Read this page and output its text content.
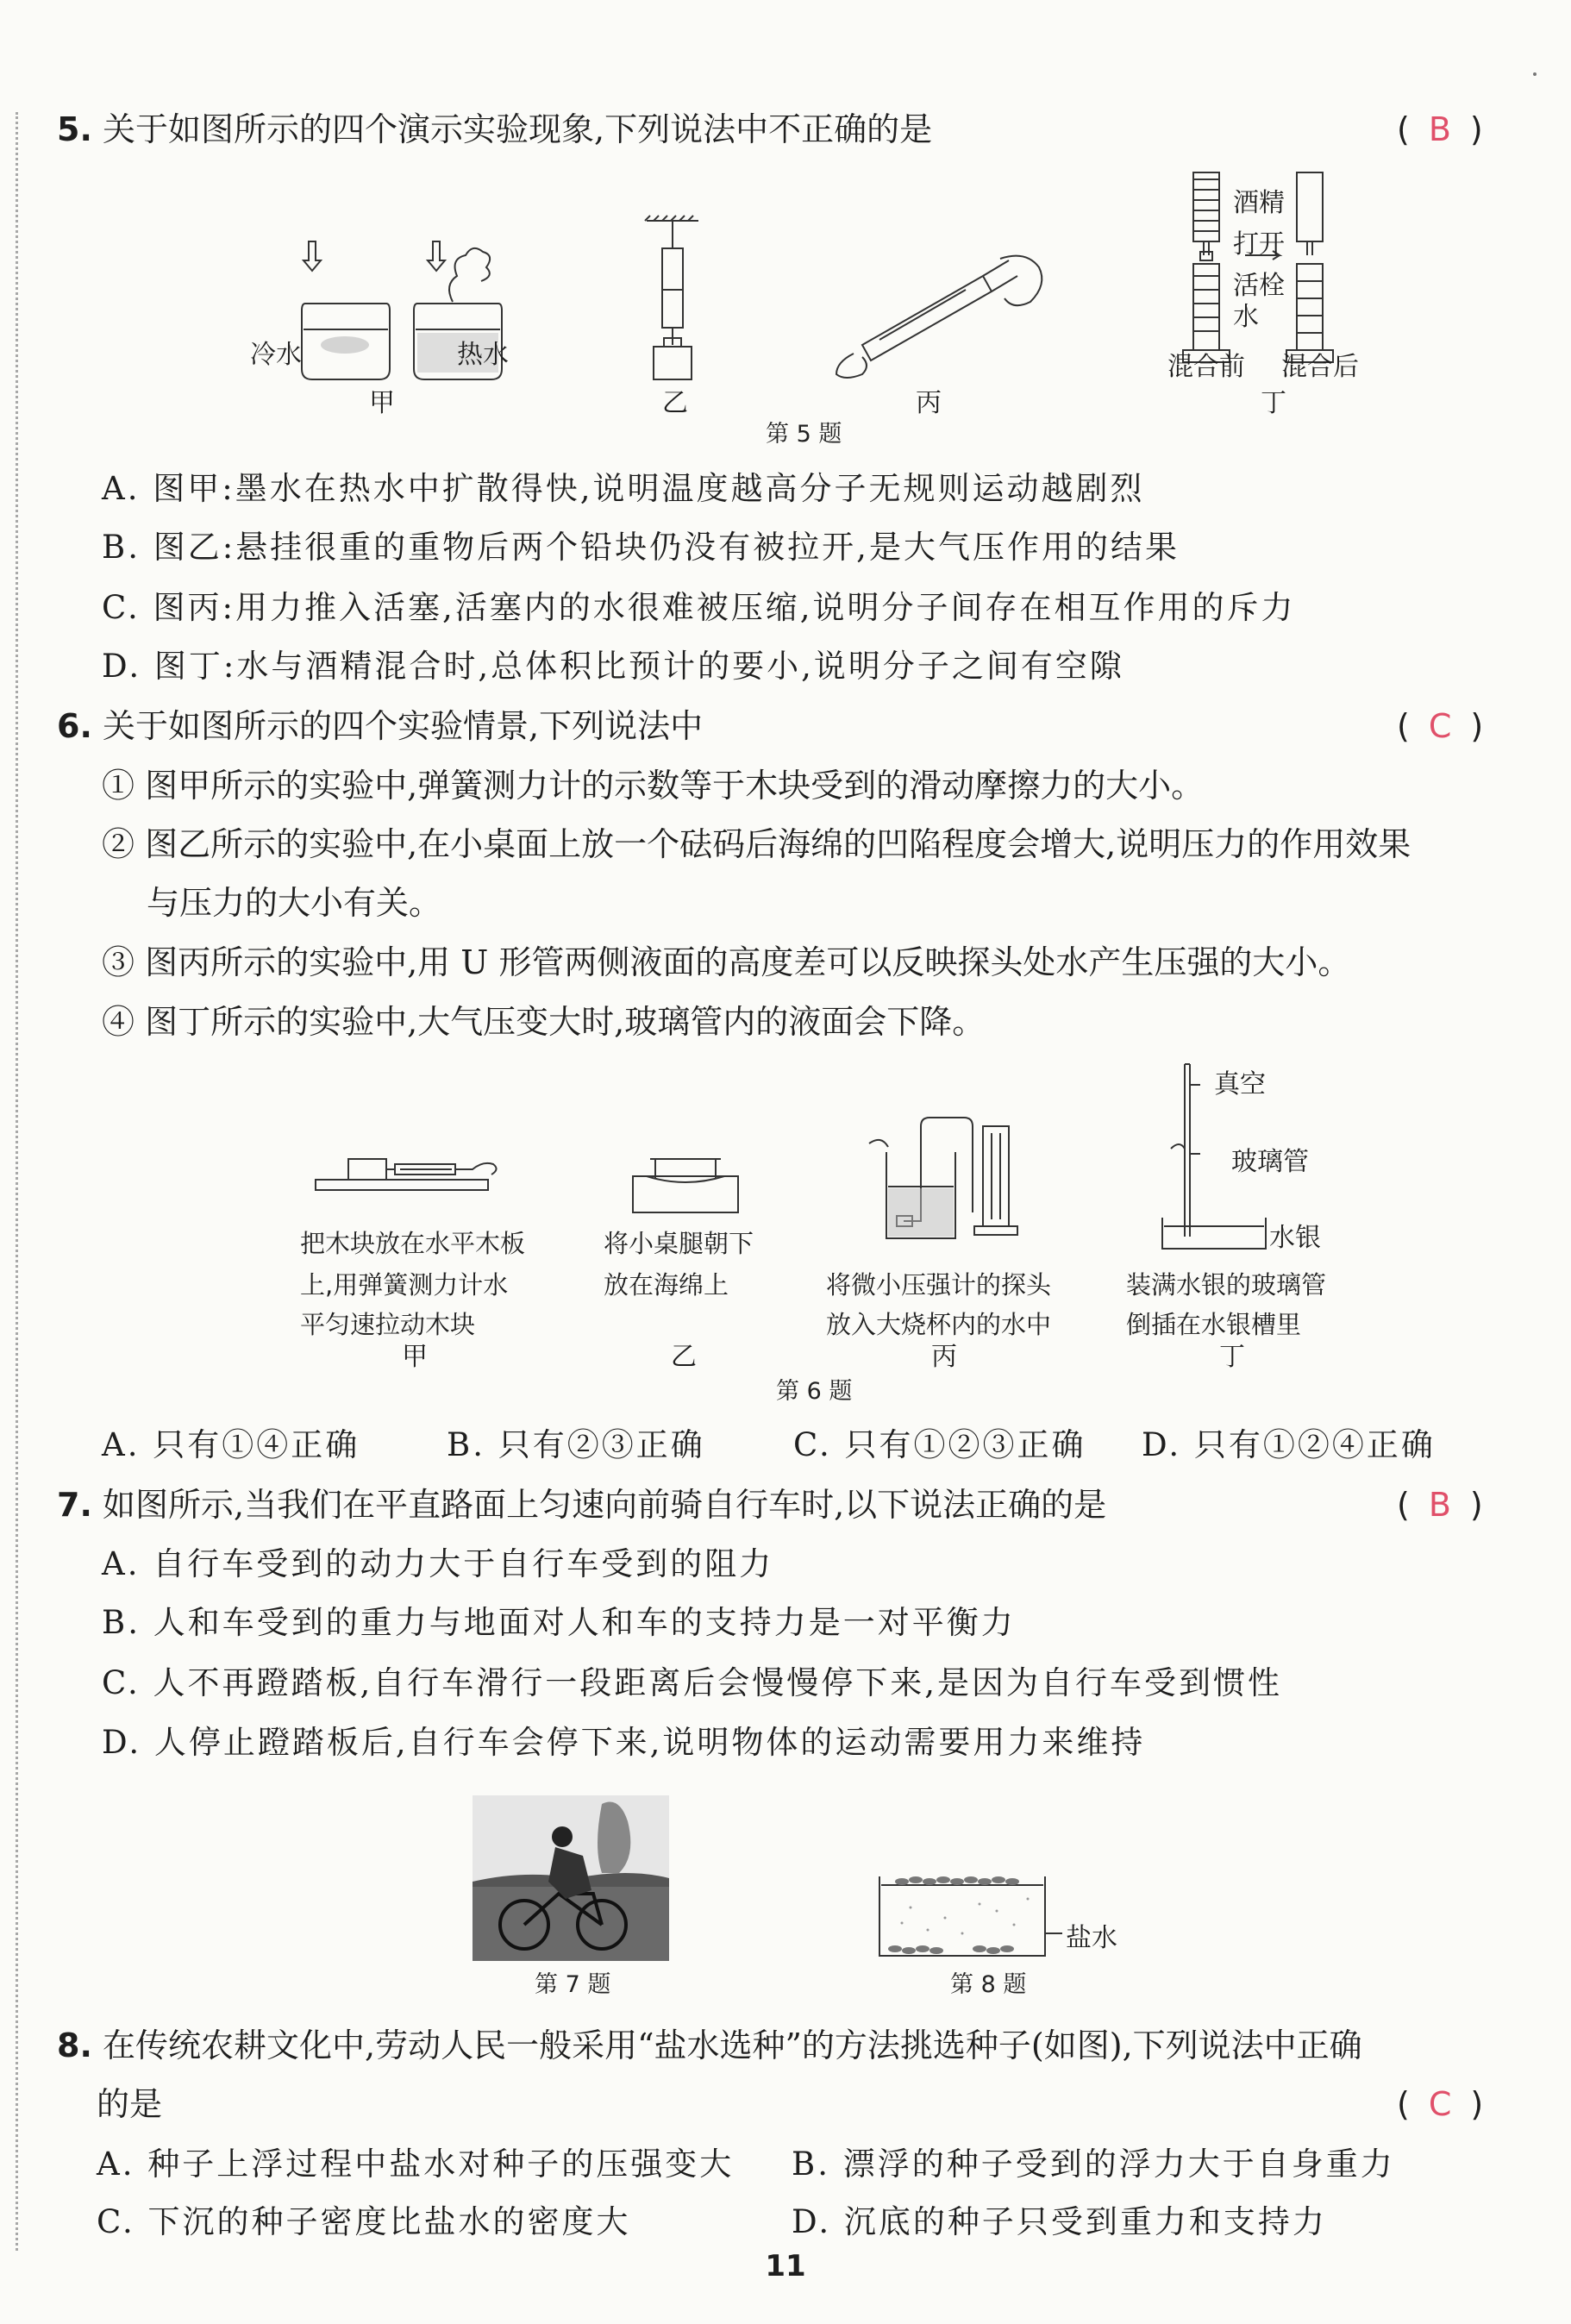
5. 关于如图所示的四个演示实验现象,下列说法中不正确的是	( B )
冷水	热水
甲	乙	丙
酒精
打开
活栓
水
混合前 混合后
丁
第 5 题
A. 图甲:墨水在热水中扩散得快,说明温度越高分子无规则运动越剧烈
B. 图乙:悬挂很重的重物后两个铅块仍没有被拉开,是大气压作用的结果
C. 图丙:用力推入活塞,活塞内的水很难被压缩,说明分子间存在相互作用的斥力
D. 图丁:水与酒精混合时,总体积比预计的要小,说明分子之间有空隙
6. 关于如图所示的四个实验情景,下列说法中	( C )
① 图甲所示的实验中,弹簧测力计的示数等于木块受到的滑动摩擦力的大小。
② 图乙所示的实验中,在小桌面上放一个砝码后海绵的凹陷程度会增大,说明压力的作用效果
与压力的大小有关。
③ 图丙所示的实验中,用 U 形管两侧液面的高度差可以反映探头处水产生压强的大小。
④ 图丁所示的实验中,大气压变大时,玻璃管内的液面会下降。
把木块放在水平木板
上,用弹簧测力计水
平匀速拉动木块
甲
将小桌腿朝下
放在海绵上
乙
将微小压强计的探头
放入大烧杯内的水中
丙
真空
玻璃管
水银
装满水银的玻璃管
倒插在水银槽里
丁
第 6 题
A. 只有①④正确	B. 只有②③正确	C. 只有①②③正确 D. 只有①②④正确
7. 如图所示,当我们在平直路面上匀速向前骑自行车时,以下说法正确的是	( B )
A. 自行车受到的动力大于自行车受到的阻力
B. 人和车受到的重力与地面对人和车的支持力是一对平衡力
C. 人不再蹬踏板,自行车滑行一段距离后会慢慢停下来,是因为自行车受到惯性
D. 人停止蹬踏板后,自行车会停下来,说明物体的运动需要用力来维持
第 7 题
盐水
第 8 题
8. 在传统农耕文化中,劳动人民一般采用“盐水选种”的方法挑选种子(如图),下列说法中正确
的是	( C )
A. 种子上浮过程中盐水对种子的压强变大 B. 漂浮的种子受到的浮力大于自身重力
C. 下沉的种子密度比盐水的密度大	D. 沉底的种子只受到重力和支持力
11
